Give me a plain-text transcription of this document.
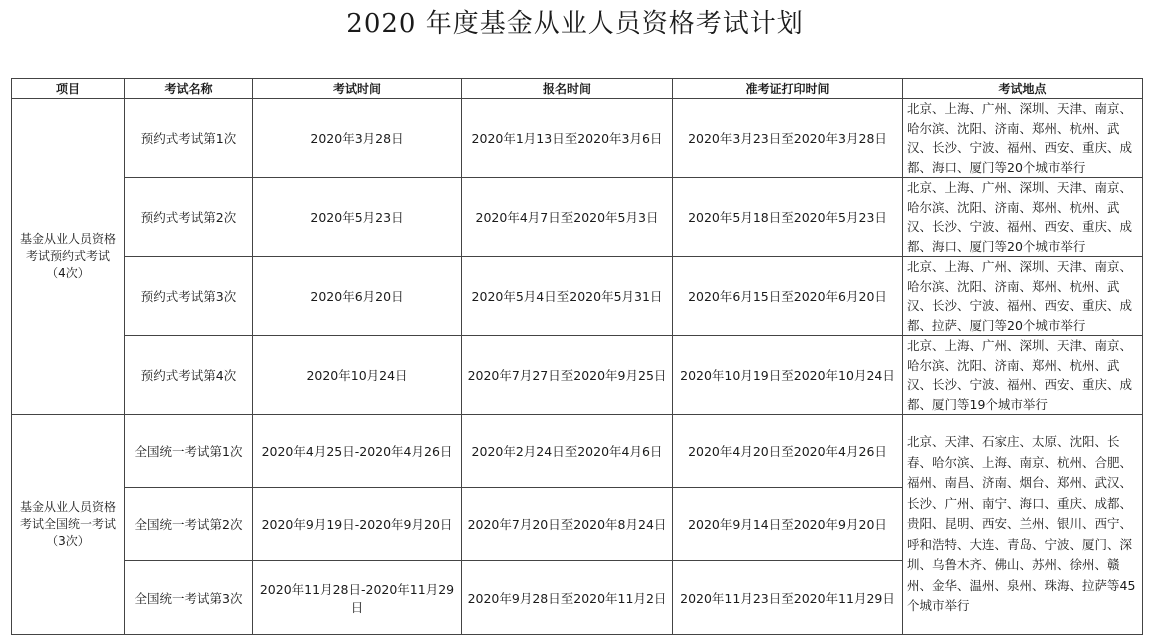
2020 年度基金从业人员资格考试计划
项目	考试名称	考试时间	报名时间	准考证打印时间	考试地点

基金从业人员资格
考试预约式考试
（4次）	预约式考试第1次	2020年3月28日	2020年1月13日至2020年3月6日	2020年3月23日至2020年3月28日	北京、上海、广州、深圳、天津、南京、哈尔滨、沈阳、济南、郑州、杭州、武汉、长沙、宁波、福州、西安、重庆、成都、海口、厦门等20个城市举行
	预约式考试第2次	2020年5月23日	2020年4月7日至2020年5月3日	2020年5月18日至2020年5月23日	北京、上海、广州、深圳、天津、南京、哈尔滨、沈阳、济南、郑州、杭州、武汉、长沙、宁波、福州、西安、重庆、成都、海口、厦门等20个城市举行
	预约式考试第3次	2020年6月20日	2020年5月4日至2020年5月31日	2020年6月15日至2020年6月20日	北京、上海、广州、深圳、天津、南京、哈尔滨、沈阳、济南、郑州、杭州、武汉、长沙、宁波、福州、西安、重庆、成都、拉萨、厦门等20个城市举行
	预约式考试第4次	2020年10月24日	2020年7月27日至2020年9月25日	2020年10月19日至2020年10月24日	北京、上海、广州、深圳、天津、南京、哈尔滨、沈阳、济南、郑州、杭州、武汉、长沙、宁波、福州、西安、重庆、成都、厦门等19个城市举行

基金从业人员资格
考试全国统一考试
（3次）	全国统一考试第1次	2020年4月25日-2020年4月26日	2020年2月24日至2020年4月6日	2020年4月20日至2020年4月26日	北京、天津、石家庄、太原、沈阳、长春、哈尔滨、上海、南京、杭州、合肥、福州、南昌、济南、烟台、郑州、武汉、长沙、广州、南宁、海口、重庆、成都、贵阳、昆明、西安、兰州、银川、西宁、呼和浩特、大连、青岛、宁波、厦门、深圳、乌鲁木齐、佛山、苏州、徐州、赣州、金华、温州、泉州、珠海、拉萨等45个城市举行
	全国统一考试第2次	2020年9月19日-2020年9月20日	2020年7月20日至2020年8月24日	2020年9月14日至2020年9月20日	
	全国统一考试第3次	2020年11月28日-2020年11月29日	2020年9月28日至2020年11月2日	2020年11月23日至2020年11月29日	
